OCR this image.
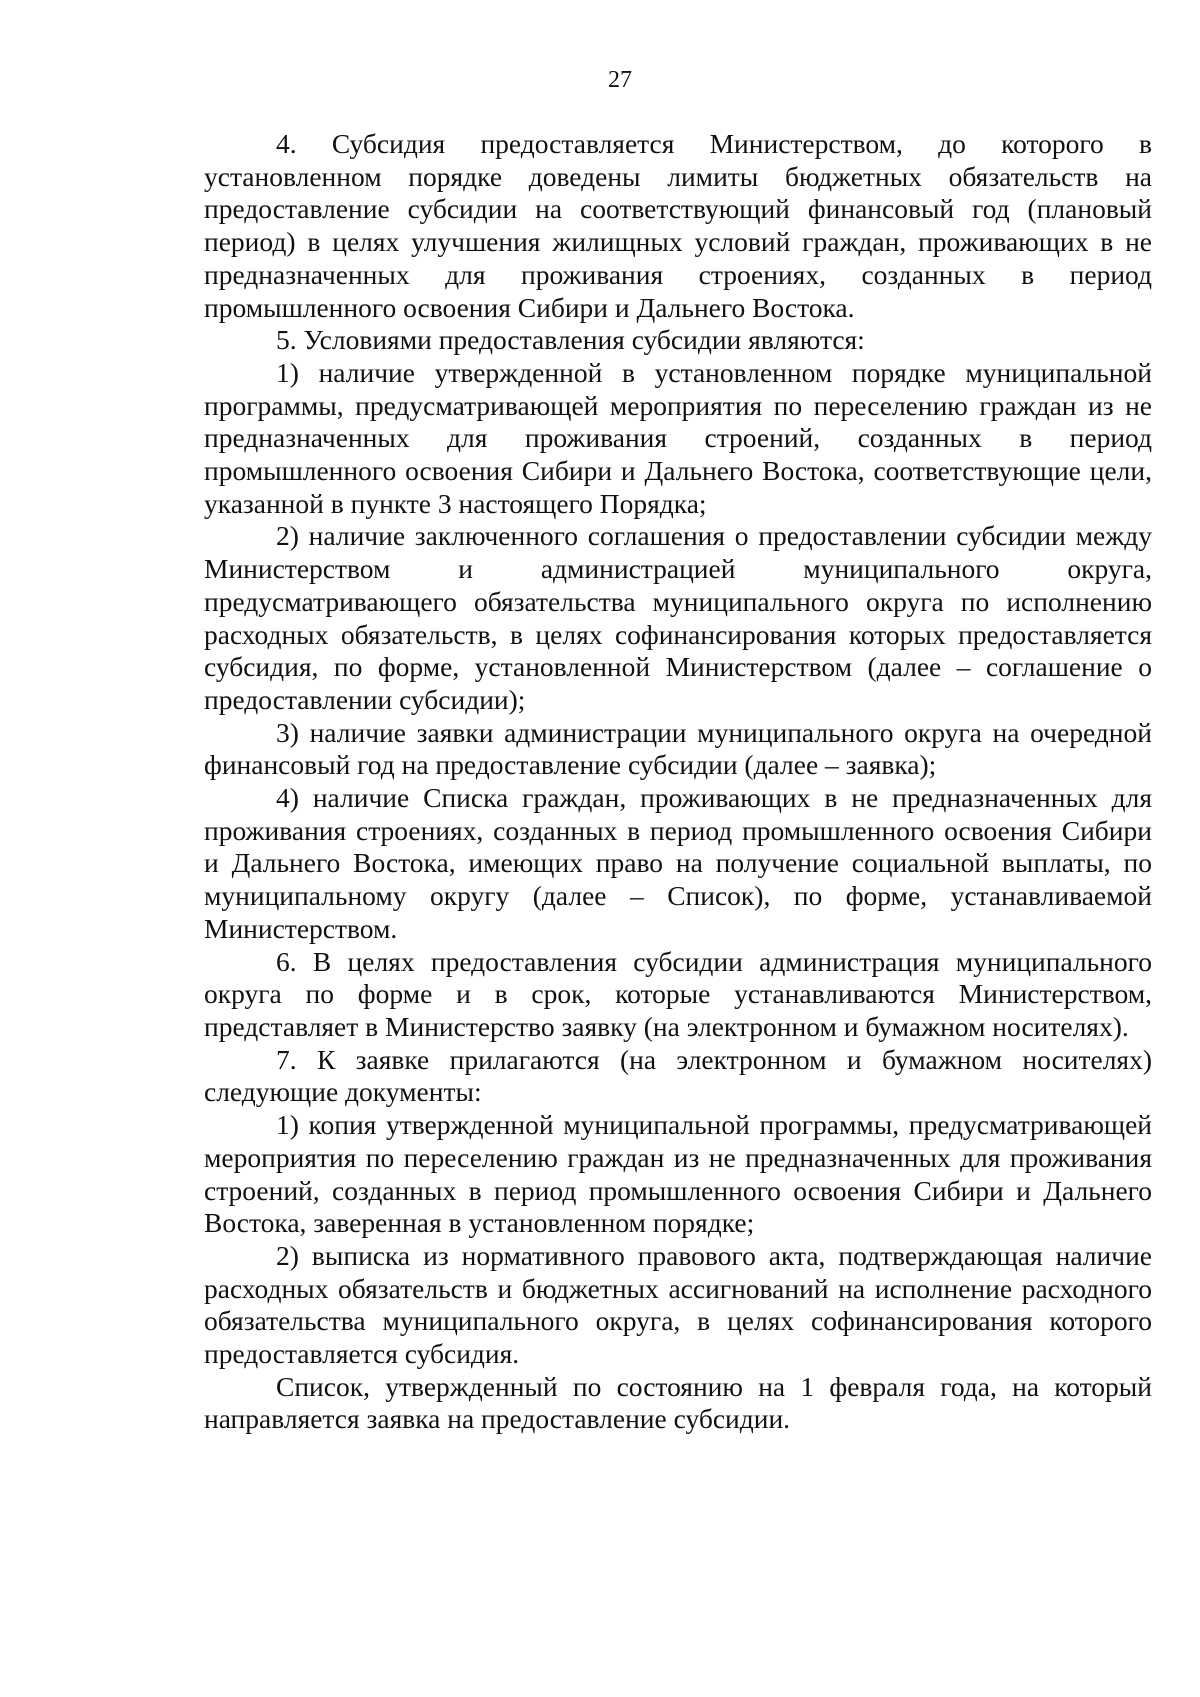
27

4. Субсидия предоставляется Министерством, до которого в установленном порядке доведены лимиты бюджетных обязательств на предоставление субсидии на соответствующий финансовый год (плановый период) в целях улучшения жилищных условий граждан, проживающих в не предназначенных для проживания строениях, созданных в период промышленного освоения Сибири и Дальнего Востока.

5. Условиями предоставления субсидии являются:

1) наличие утвержденной в установленном порядке муниципальной программы, предусматривающей мероприятия по переселению граждан из не предназначенных для проживания строений, созданных в период промышленного освоения Сибири и Дальнего Востока, соответствующие цели, указанной в пункте 3 настоящего Порядка;

2) наличие заключенного соглашения о предоставлении субсидии между Министерством и администрацией муниципального округа, предусматривающего обязательства муниципального округа по исполнению расходных обязательств, в целях софинансирования которых предоставляется субсидия, по форме, установленной Министерством (далее – соглашение о предоставлении субсидии);

3) наличие заявки администрации муниципального округа на очередной финансовый год на предоставление субсидии (далее – заявка);

4) наличие Списка граждан, проживающих в не предназначенных для проживания строениях, созданных в период промышленного освоения Сибири и Дальнего Востока, имеющих право на получение социальной выплаты, по муниципальному округу (далее – Список), по форме, устанавливаемой Министерством.

6. В целях предоставления субсидии администрация муниципального округа по форме и в срок, которые устанавливаются Министерством, представляет в Министерство заявку (на электронном и бумажном носителях).

7. К заявке прилагаются (на электронном и бумажном носителях) следующие документы:

1) копия утвержденной муниципальной программы, предусматривающей мероприятия по переселению граждан из не предназначенных для проживания строений, созданных в период промышленного освоения Сибири и Дальнего Востока, заверенная в установленном порядке;

2) выписка из нормативного правового акта, подтверждающая наличие расходных обязательств и бюджетных ассигнований на исполнение расходного обязательства муниципального округа, в целях софинансирования которого предоставляется субсидия.

Список, утвержденный по состоянию на 1 февраля года, на который направляется заявка на предоставление субсидии.
